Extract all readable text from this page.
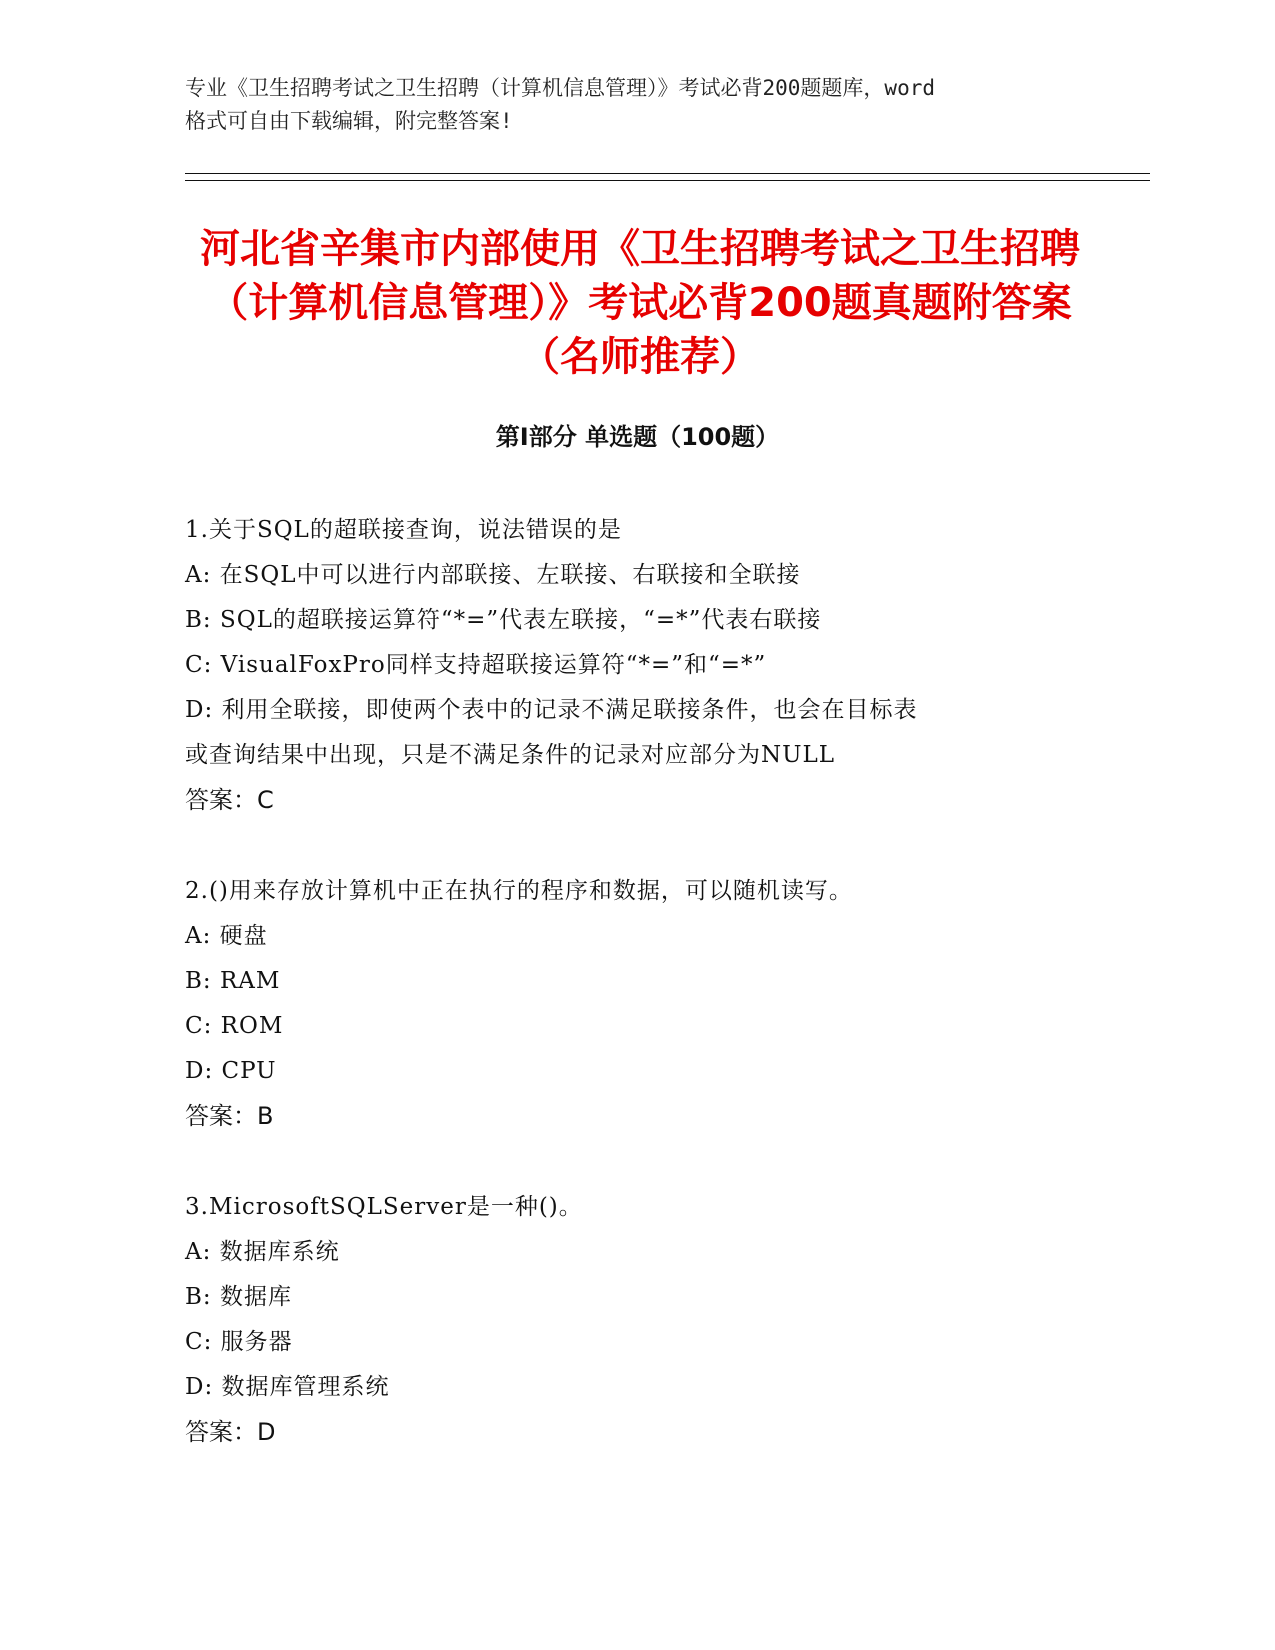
专业《卫生招聘考试之卫生招聘（计算机信息管理）》考试必背200题题库，word
格式可自由下载编辑，附完整答案!
河北省辛集市内部使用《卫生招聘考试之卫生招聘（计算机信息管理）》考试必背200题真题附答案（名师推荐）
第I部分 单选题（100题）
1.关于SQL的超联接查询，说法错误的是
A: 在SQL中可以进行内部联接、左联接、右联接和全联接
B: SQL的超联接运算符“*=”代表左联接，“=*”代表右联接
C: VisualFoxPro同样支持超联接运算符“*=”和“=*”
D: 利用全联接，即使两个表中的记录不满足联接条件，也会在目标表
或查询结果中出现，只是不满足条件的记录对应部分为NULL
答案：C
2.()用来存放计算机中正在执行的程序和数据，可以随机读写。
A: 硬盘
B: RAM
C: ROM
D: CPU
答案：B
3.MicrosoftSQLServer是一种()。
A: 数据库系统
B: 数据库
C: 服务器
D: 数据库管理系统
答案：D
